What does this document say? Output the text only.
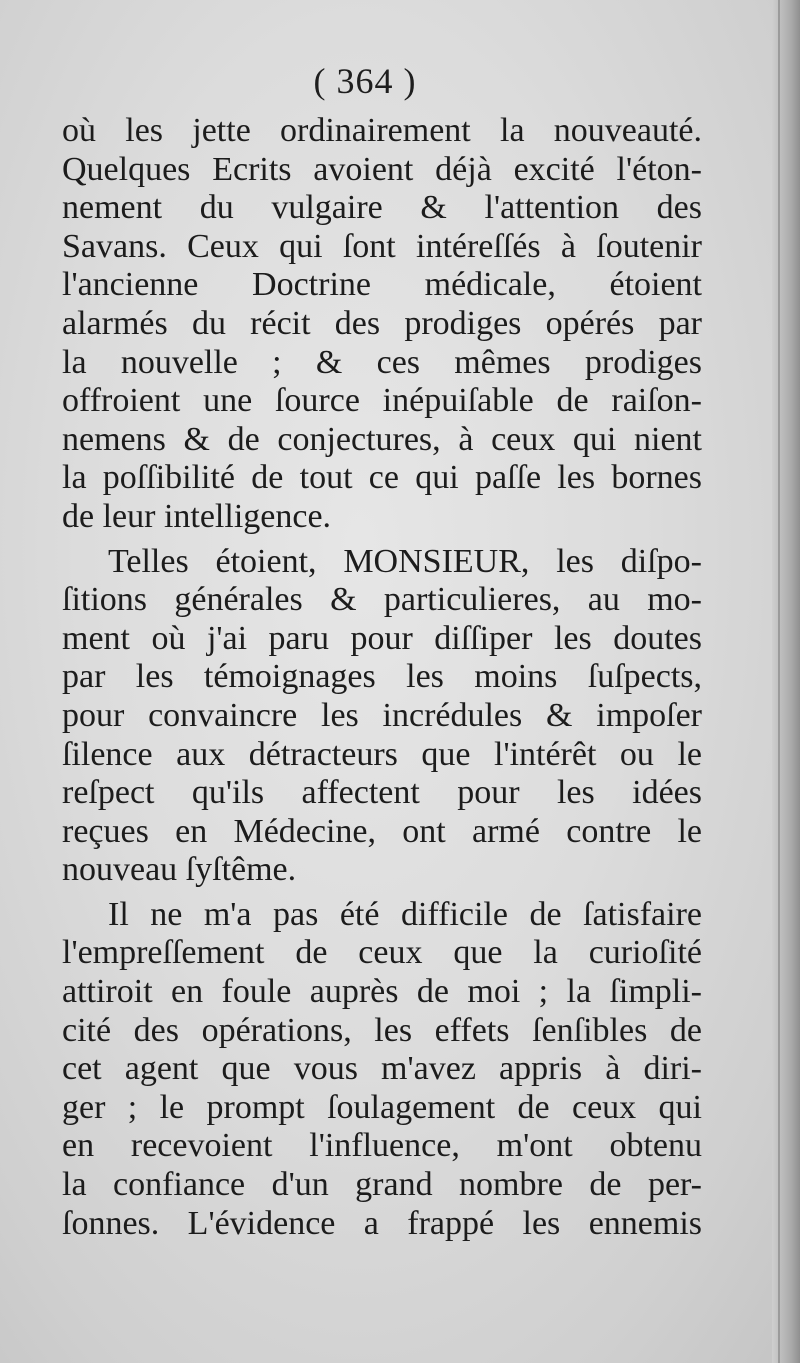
( 364 )
où les jette ordinairement la nouveauté.
Quelques Ecrits avoient déjà excité l'éton-
nement du vulgaire & l'attention des
Savans. Ceux qui ſont intéreſſés à ſoutenir
l'ancienne Doctrine médicale, étoient
alarmés du récit des prodiges opérés par
la nouvelle ; & ces mêmes prodiges
offroient une ſource inépuiſable de raiſon-
nemens & de conjectures, à ceux qui nient
la poſſibilité de tout ce qui paſſe les bornes
de leur intelligence.
Telles étoient, MONSIEUR, les diſpo-
ſitions générales & particulieres, au mo-
ment où j'ai paru pour diſſiper les doutes
par les témoignages les moins ſuſpects,
pour convaincre les incrédules & impoſer
ſilence aux détracteurs que l'intérêt ou le
reſpect qu'ils affectent pour les idées
reçues en Médecine, ont armé contre le
nouveau ſyſtême.
Il ne m'a pas été difficile de ſatisfaire
l'empreſſement de ceux que la curioſité
attiroit en foule auprès de moi ; la ſimpli-
cité des opérations, les effets ſenſibles de
cet agent que vous m'avez appris à diri-
ger ; le prompt ſoulagement de ceux qui
en recevoient l'influence, m'ont obtenu
la confiance d'un grand nombre de per-
ſonnes. L'évidence a frappé les ennemis
